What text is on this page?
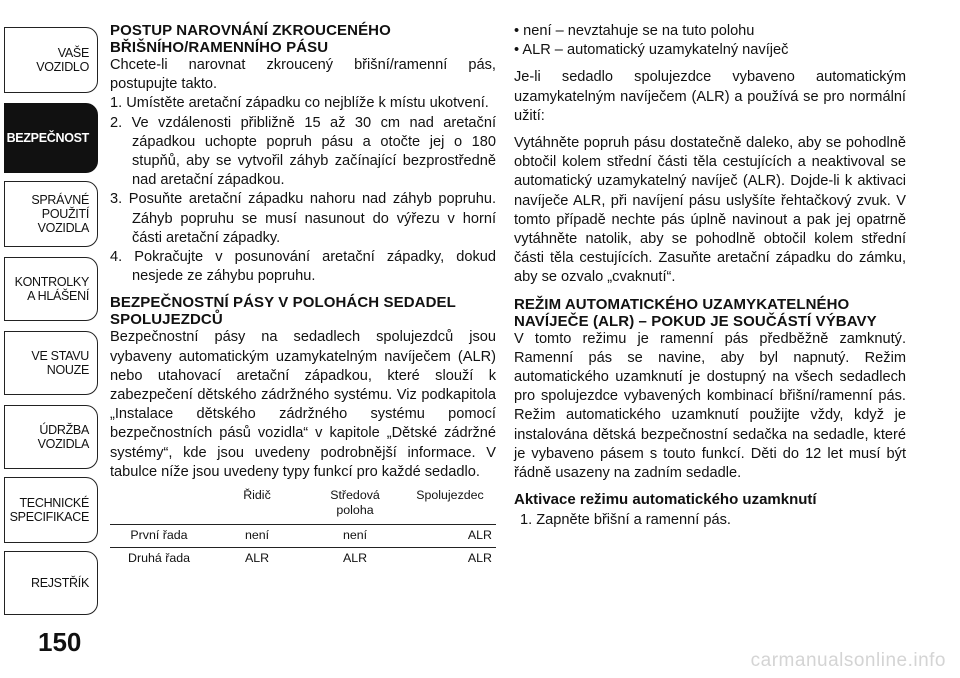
VAŠE
VOZIDLO
BEZPEČNOST
SPRÁVNÉ
POUŽITÍ
VOZIDLA
KONTROLKY
A HLÁŠENÍ
VE STAVU
NOUZE
ÚDRŽBA
VOZIDLA
TECHNICKÉ
SPECIFIKACE
REJSTŘÍK
150
POSTUP NAROVNÁNÍ ZKROUCENÉHO BŘIŠNÍHO/RAMENNÍHO PÁSU

Chcete-li narovnat zkroucený břišní/ramenní pás, postupujte takto.

1. Umístěte aretační západku co nejblíže k místu ukotvení.
2. Ve vzdálenosti přibližně 15 až 30 cm nad aretační západkou uchopte popruh pásu a otočte jej o 180 stupňů, aby se vytvořil záhyb začínající bezprostředně nad aretační západkou.
3. Posuňte aretační západku nahoru nad záhyb popruhu. Záhyb popruhu se musí nasunout do výřezu v horní části aretační západky.
4. Pokračujte v posunování aretační západky, dokud nesjede ze záhybu popruhu.
BEZPEČNOSTNÍ PÁSY V POLOHÁCH SEDADEL SPOLUJEZDCŮ

Bezpečnostní pásy na sedadlech spolujezdců jsou vybaveny automatickým uzamykatelným navíječem (ALR) nebo utahovací aretační západkou, které slouží k zabezpečení dětského zádržného systému. Viz podkapitola „Instalace dětského zádržného systému pomocí bezpečnostních pásů vozidla“ v kapitole „Dětské zádržné systémy“, kde jsou uvedeny podrobnější informace. V tabulce níže jsou uvedeny typy funkcí pro každé sedadlo.

	Řidič	Středová poloha	Spolujezdec
První řada	není	není	ALR
Druhá řada	ALR	ALR	ALR
• není – nevztahuje se na tuto polohu
• ALR – automatický uzamykatelný navíječ

Je-li sedadlo spolujezdce vybaveno automatickým uzamykatelným navíječem (ALR) a používá se pro normální užití:

Vytáhněte popruh pásu dostatečně daleko, aby se pohodlně obtočil kolem střední části těla cestujících a neaktivoval se automatický uzamykatelný navíječ (ALR). Dojde-li k aktivaci navíječe ALR, při navíjení pásu uslyšíte řehtačkový zvuk. V tomto případě nechte pás úplně navinout a pak jej opatrně vytáhněte natolik, aby se pohodlně obtočil kolem střední části těla cestujících. Zasuňte aretační západku do zámku, aby se ozvalo „cvaknutí“.

REŽIM AUTOMATICKÉHO UZAMYKATELNÉHO NAVÍJEČE (ALR) – POKUD JE SOUČÁSTÍ VÝBAVY

V tomto režimu je ramenní pás předběžně zamknutý. Ramenní pás se navine, aby byl napnutý. Režim automatického uzamknutí je dostupný na všech sedadlech pro spolujezdce vybavených kombinací břišní/ramenní pás. Režim automatického uzamknutí použijte vždy, když je instalována dětská bezpečnostní sedačka na sedadle, které je vybaveno pásem s touto funkcí. Děti do 12 let musí být řádně usazeny na zadním sedadle.

Aktivace režimu automatického uzamknutí
1. Zapněte břišní a ramenní pás.
carmanualsonline.info
